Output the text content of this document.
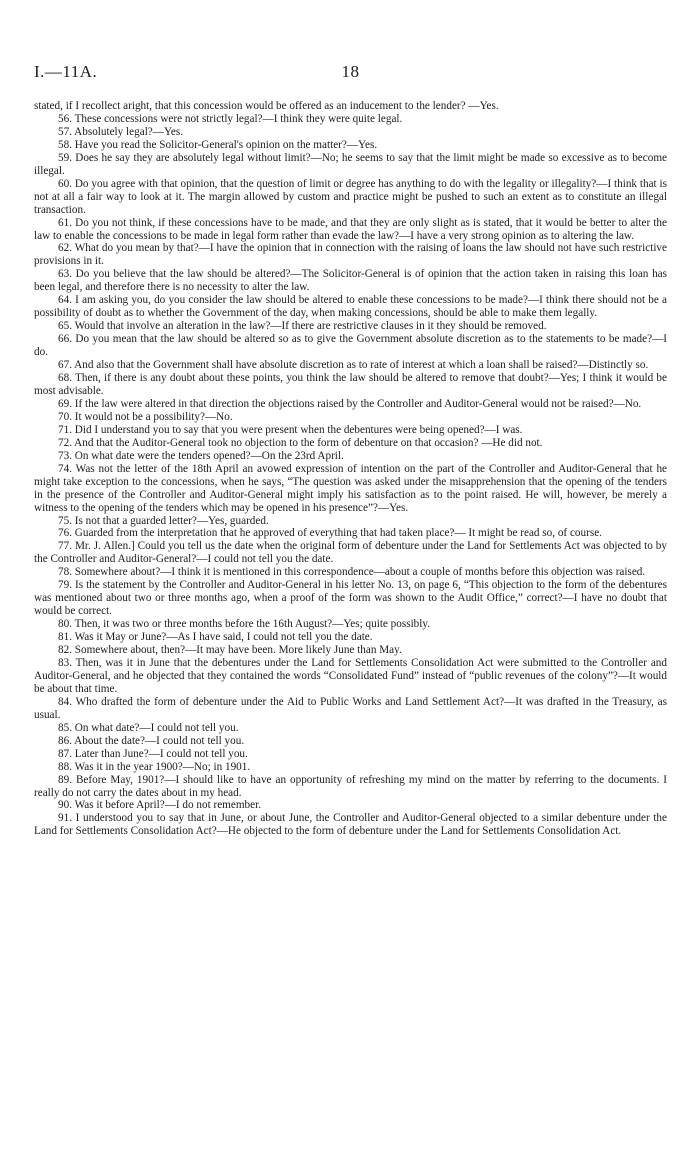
I.—11A.	18

stated, if I recollect aright, that this concession would be offered as an inducement to the lender? —Yes.

56. These concessions were not strictly legal?—I think they were quite legal.

57. Absolutely legal?—Yes.

58. Have you read the Solicitor-General's opinion on the matter?—Yes.

59. Does he say they are absolutely legal without limit?—No; he seems to say that the limit might be made so excessive as to become illegal.

60. Do you agree with that opinion, that the question of limit or degree has anything to do with the legality or illegality?—I think that is not at all a fair way to look at it. The margin allowed by custom and practice might be pushed to such an extent as to constitute an illegal transaction.

61. Do you not think, if these concessions have to be made, and that they are only slight as is stated, that it would be better to alter the law to enable the concessions to be made in legal form rather than evade the law?—I have a very strong opinion as to altering the law.

62. What do you mean by that?—I have the opinion that in connection with the raising of loans the law should not have such restrictive provisions in it.

63. Do you believe that the law should be altered?—The Solicitor-General is of opinion that the action taken in raising this loan has been legal, and therefore there is no necessity to alter the law.

64. I am asking you, do you consider the law should be altered to enable these concessions to be made?—I think there should not be a possibility of doubt as to whether the Government of the day, when making concessions, should be able to make them legally.

65. Would that involve an alteration in the law?—If there are restrictive clauses in it they should be removed.

66. Do you mean that the law should be altered so as to give the Government absolute discretion as to the statements to be made?—I do.

67. And also that the Government shall have absolute discretion as to rate of interest at which a loan shall be raised?—Distinctly so.

68. Then, if there is any doubt about these points, you think the law should be altered to remove that doubt?—Yes; I think it would be most advisable.

69. If the law were altered in that direction the objections raised by the Controller and Auditor-General would not be raised?—No.

70. It would not be a possibility?—No.

71. Did I understand you to say that you were present when the debentures were being opened?—I was.

72. And that the Auditor-General took no objection to the form of debenture on that occasion? —He did not.

73. On what date were the tenders opened?—On the 23rd April.

74. Was not the letter of the 18th April an avowed expression of intention on the part of the Controller and Auditor-General that he might take exception to the concessions, when he says, “The question was asked under the misapprehension that the opening of the tenders in the presence of the Controller and Auditor-General might imply his satisfaction as to the point raised. He will, however, be merely a witness to the opening of the tenders which may be opened in his presence”?—Yes.

75. Is not that a guarded letter?—Yes, guarded.

76. Guarded from the interpretation that he approved of everything that had taken place?— It might be read so, of course.

77. Mr. J. Allen.] Could you tell us the date when the original form of debenture under the Land for Settlements Act was objected to by the Controller and Auditor-General?—I could not tell you the date.

78. Somewhere about?—I think it is mentioned in this correspondence—about a couple of months before this objection was raised.

79. Is the statement by the Controller and Auditor-General in his letter No. 13, on page 6, “This objection to the form of the debentures was mentioned about two or three months ago, when a proof of the form was shown to the Audit Office,” correct?—I have no doubt that would be correct.

80. Then, it was two or three months before the 16th August?—Yes; quite possibly.

81. Was it May or June?—As I have said, I could not tell you the date.

82. Somewhere about, then?—It may have been. More likely June than May.

83. Then, was it in June that the debentures under the Land for Settlements Consolidation Act were submitted to the Controller and Auditor-General, and he objected that they contained the words “Consolidated Fund” instead of “public revenues of the colony”?—It would be about that time.

84. Who drafted the form of debenture under the Aid to Public Works and Land Settlement Act?—It was drafted in the Treasury, as usual.

85. On what date?—I could not tell you.

86. About the date?—I could not tell you.

87. Later than June?—I could not tell you.

88. Was it in the year 1900?—No; in 1901.

89. Before May, 1901?—I should like to have an opportunity of refreshing my mind on the matter by referring to the documents. I really do not carry the dates about in my head.

90. Was it before April?—I do not remember.

91. I understood you to say that in June, or about June, the Controller and Auditor-General objected to a similar debenture under the Land for Settlements Consolidation Act?—He objected to the form of debenture under the Land for Settlements Consolidation Act.
